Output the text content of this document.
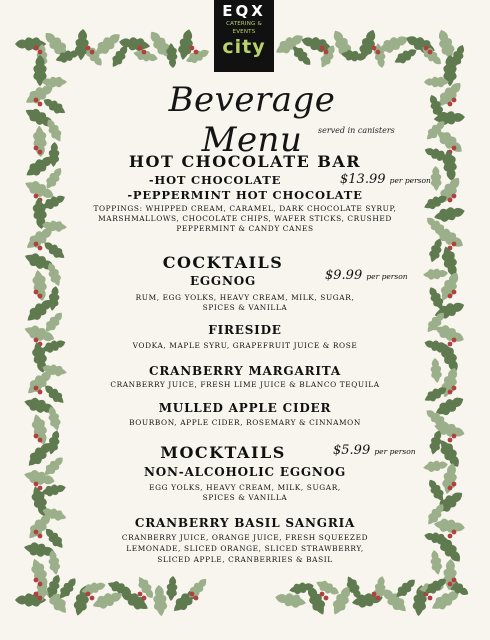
EQX
CATERING & EVENTS
city
Beverage Menu	served in canisters
HOT CHOCOLATE BAR
-HOT CHOCOLATE
-PEPPERMINT HOT CHOCOLATE
$13.99 per person
TOPPINGS: WHIPPED CREAM, CARAMEL, DARK CHOCOLATE SYRUP,
MARSHMALLOWS, CHOCOLATE CHIPS, WAFER STICKS, CRUSHED
PEPPERMINT & CANDY CANES
COCKTAILS
$9.99 per person
EGGNOG
RUM, EGG YOLKS, HEAVY CREAM, MILK, SUGAR,
SPICES & VANILLA
FIRESIDE
VODKA, MAPLE SYRU, GRAPEFRUIT JUICE & ROSE
CRANBERRY MARGARITA
CRANBERRY JUICE, FRESH LIME JUICE & BLANCO TEQUILA
MULLED APPLE CIDER
BOURBON, APPLE CIDER, ROSEMARY & CINNAMON
MOCKTAILS	$5.99 per person
NON-ALCOHOLIC EGGNOG
EGG YOLKS, HEAVY CREAM, MILK, SUGAR,
SPICES & VANILLA
CRANBERRY BASIL SANGRIA
CRANBERRY JUICE, ORANGE JUICE, FRESH SQUEEZED
LEMONADE, SLICED ORANGE, SLICED STRAWBERRY,
SLICED APPLE, CRANBERRIES & BASIL
